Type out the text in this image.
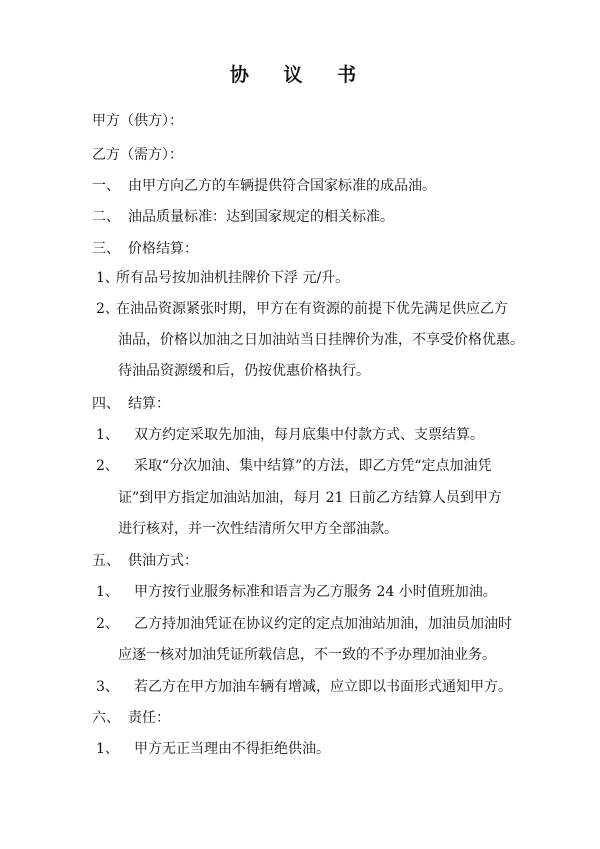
协 议 书
甲方（供方）：
乙方（需方）：
一、 由甲方向乙方的车辆提供符合国家标准的成品油。
二、 油品质量标准：达到国家规定的相关标准。
三、 价格结算：
1、所有品号按加油机挂牌价下浮 元/升。
2、在油品资源紧张时期，甲方在有资源的前提下优先满足供应乙方
油品，价格以加油之日加油站当日挂牌价为准，不享受价格优惠。
待油品资源缓和后，仍按优惠价格执行。
四、 结算：
1、 双方约定采取先加油，每月底集中付款方式、支票结算。
2、 采取“分次加油、集中结算”的方法，即乙方凭“定点加油凭
证”到甲方指定加油站加油，每月 21 日前乙方结算人员到甲方
进行核对，并一次性结清所欠甲方全部油款。
五、 供油方式：
1、 甲方按行业服务标准和语言为乙方服务 24 小时值班加油。
2、 乙方持加油凭证在协议约定的定点加油站加油，加油员加油时
应逐一核对加油凭证所载信息，不一致的不予办理加油业务。
3、 若乙方在甲方加油车辆有增减，应立即以书面形式通知甲方。
六、 责任：
1、 甲方无正当理由不得拒绝供油。
